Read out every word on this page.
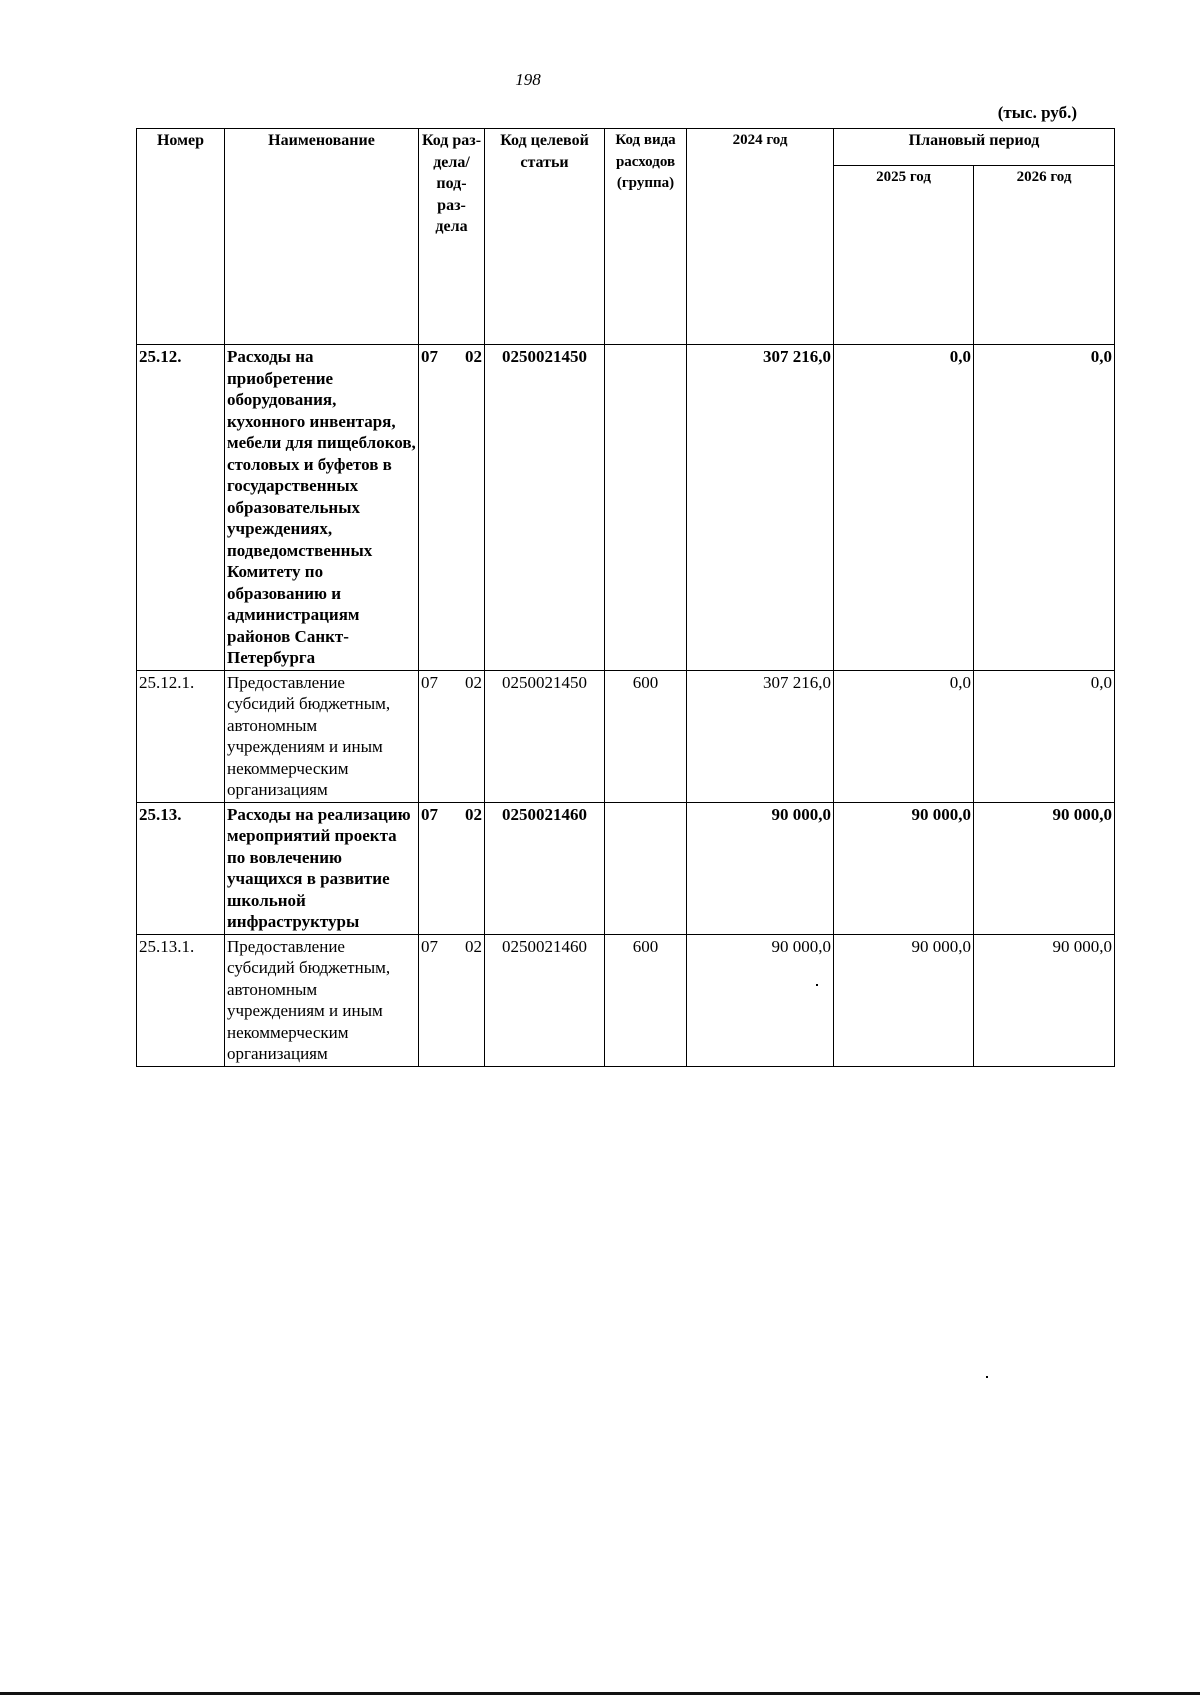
198
(тыс. руб.)
Номер	Наименование	Код раз- дела/ под- раз- дела	Код целевой статьи	Код вида расходов (группа)	2024 год	Плановый период	
						2025 год	2026 год
25.12.	Расходы на приобретение оборудования, кухонного инвентаря, мебели для пищеблоков, столовых и буфетов в государственных образовательных учреждениях, подведомственных Комитету по образованию и администрациям районов Санкт-Петербурга	07 02	0250021450		307 216,0	0,0	0,0
25.12.1.	Предоставление субсидий бюджетным, автономным учреждениям и иным некоммерческим организациям	07 02	0250021450	600	307 216,0	0,0	0,0
25.13.	Расходы на реализацию мероприятий проекта по вовлечению учащихся в развитие школьной инфраструктуры	07 02	0250021460		90 000,0	90 000,0	90 000,0
25.13.1.	Предоставление субсидий бюджетным, автономным учреждениям и иным некоммерческим организациям	07 02	0250021460	600	90 000,0	90 000,0	90 000,0
